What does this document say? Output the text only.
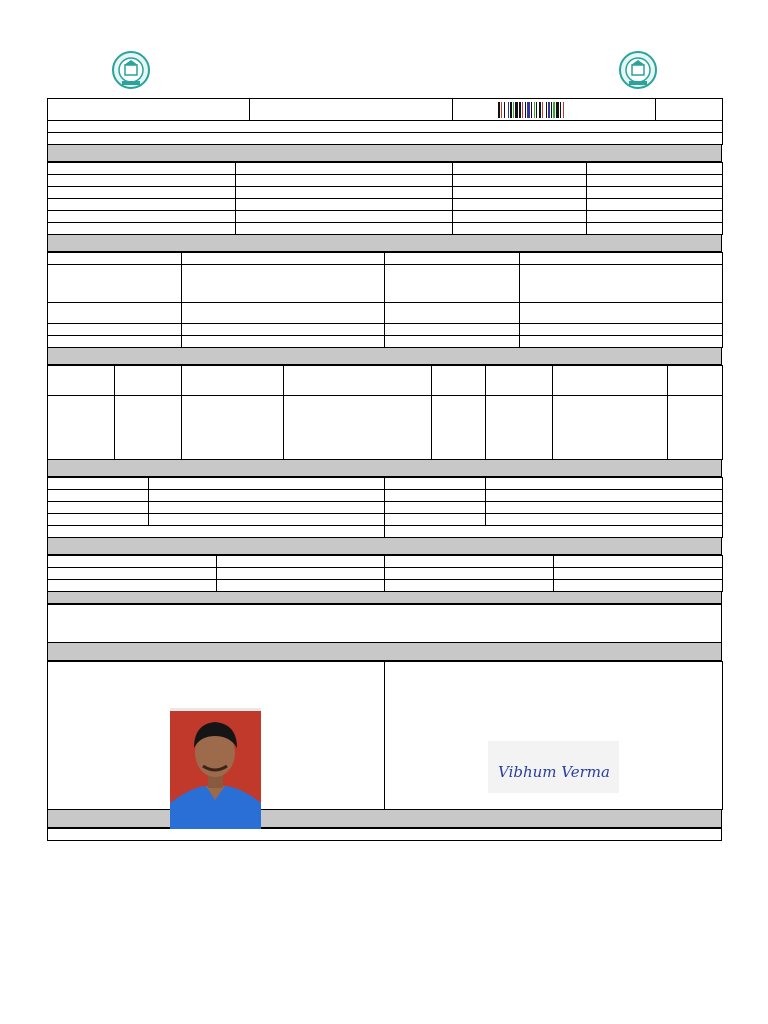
Vibhum Verma
